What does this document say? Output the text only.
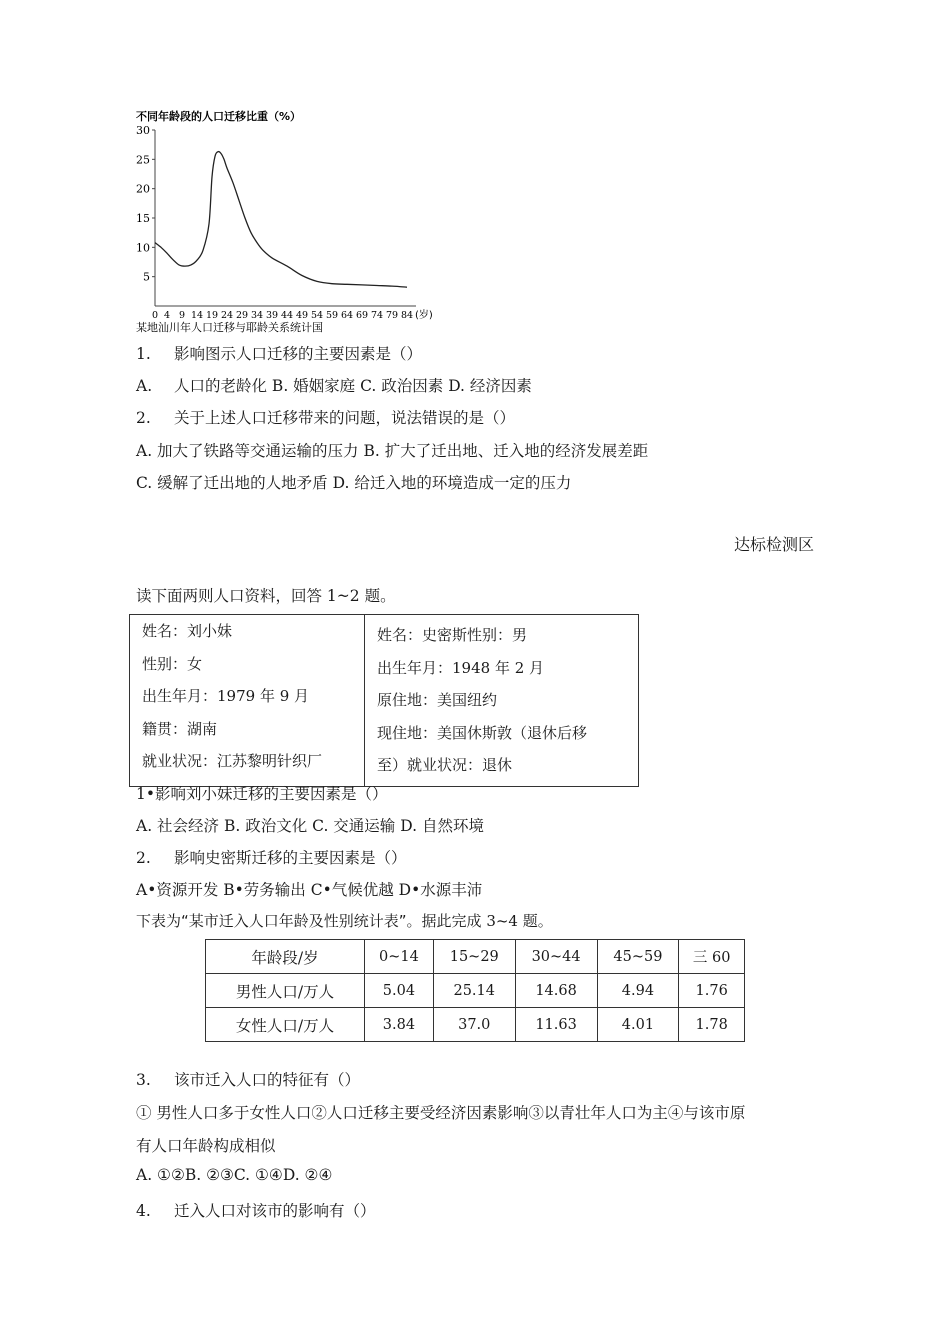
不同年龄段的人口迁移比重（%）
30
25
20
15
10
5
0 4 9 14 19 24 29 34 39 44 49 54 59 64 69 74 79 84 (岁)
某地汕川年人口迁移与耶龄关系统计国
1. 影响图示人口迁移的主要因素是（）
A. 人口的老龄化 B. 婚姻家庭 C. 政治因素 D. 经济因素
2. 关于上述人口迁移带来的问题，说法错误的是（）
A. 加大了铁路等交通运输的压力 B. 扩大了迁出地、迁入地的经济发展差距
C. 缓解了迁出地的人地矛盾 D. 给迁入地的环境造成一定的压力
达标检测区
读下面两则人口资料，回答 1~2 题。
姓名：刘小妹
性别：女
出生年月：1979 年 9 月
籍贯：湖南
就业状况：江苏黎明针织厂

姓名：史密斯性别：男
出生年月：1948 年 2 月
原住地：美国纽约
现住地：美国休斯敦（退休后移
至）就业状况：退休
1•影响刘小妹迁移的主要因素是（）
A. 社会经济 B. 政治文化 C. 交通运输 D. 自然环境
2. 影响史密斯迁移的主要因素是（）
A•资源开发 B•劳务输出 C•气候优越 D•水源丰沛
下表为“某市迁入人口年龄及性别统计表”。据此完成 3~4 题。
年龄段/岁	0~14	15~29	30~44	45~59	三 60
男性人口/万人	5.04	25.14	14.68	4.94	1.76
女性人口/万人	3.84	37.0	11.63	4.01	1.78
3. 该市迁入人口的特征有（）
① 男性人口多于女性人口②人口迁移主要受经济因素影响③以青壮年人口为主④与该市原
有人口年龄构成相似
A. ①②B. ②③C. ①④D. ②④
4. 迁入人口对该市的影响有（）
